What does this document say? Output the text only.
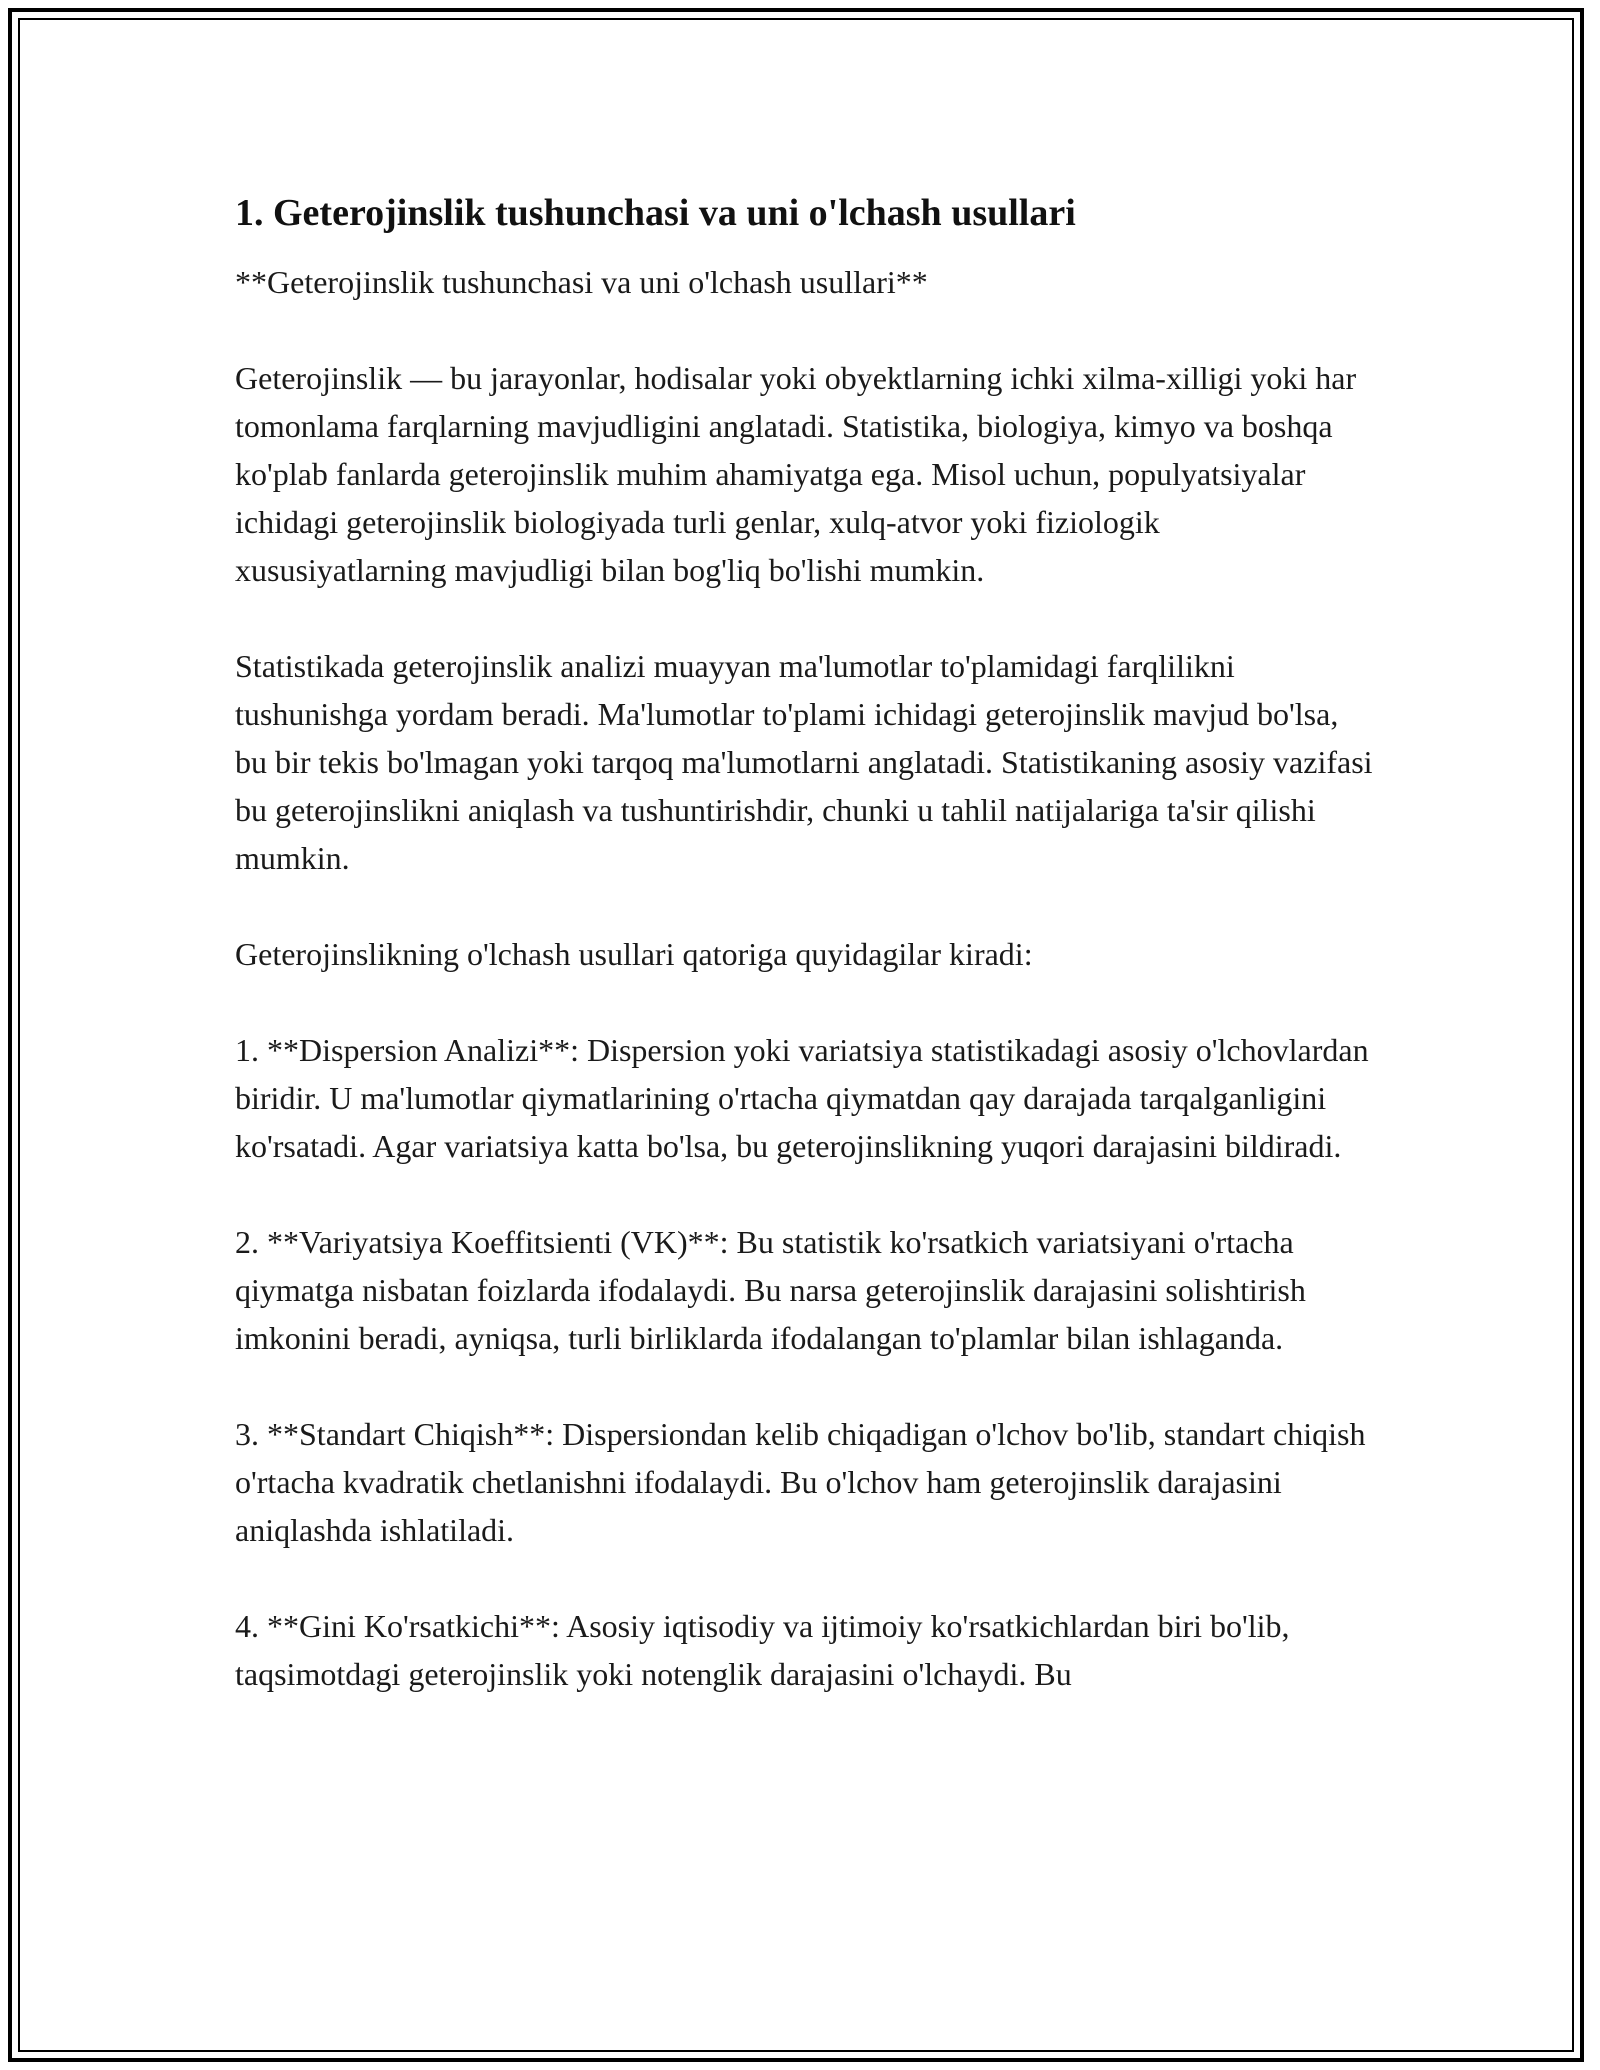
1. Geterojinslik tushunchasi va uni o'lchash usullari

**Geterojinslik tushunchasi va uni o'lchash usullari**

Geterojinslik — bu jarayonlar, hodisalar yoki obyektlarning ichki xilma-xilligi yoki har tomonlama farqlarning mavjudligini anglatadi. Statistika, biologiya, kimyo va boshqa ko'plab fanlarda geterojinslik muhim ahamiyatga ega. Misol uchun, populyatsiyalar ichidagi geterojinslik biologiyada turli genlar, xulq-atvor yoki fiziologik xususiyatlarning mavjudligi bilan bog'liq bo'lishi mumkin.

Statistikada geterojinslik analizi muayyan ma'lumotlar to'plamidagi farqlilikni tushunishga yordam beradi. Ma'lumotlar to'plami ichidagi geterojinslik mavjud bo'lsa, bu bir tekis bo'lmagan yoki tarqoq ma'lumotlarni anglatadi. Statistikaning asosiy vazifasi bu geterojinslikni aniqlash va tushuntirishdir, chunki u tahlil natijalariga ta'sir qilishi mumkin.

Geterojinslikning o'lchash usullari qatoriga quyidagilar kiradi:

1. **Dispersion Analizi**: Dispersion yoki variatsiya statistikadagi asosiy o'lchovlardan biridir. U ma'lumotlar qiymatlarining o'rtacha qiymatdan qay darajada tarqalganligini ko'rsatadi. Agar variatsiya katta bo'lsa, bu geterojinslikning yuqori darajasini bildiradi.

2. **Variyatsiya Koeffitsienti (VK)**: Bu statistik ko'rsatkich variatsiyani o'rtacha qiymatga nisbatan foizlarda ifodalaydi. Bu narsa geterojinslik darajasini solishtirish imkonini beradi, ayniqsa, turli birliklarda ifodalangan to'plamlar bilan ishlaganda.

3. **Standart Chiqish**: Dispersiondan kelib chiqadigan o'lchov bo'lib, standart chiqish o'rtacha kvadratik chetlanishni ifodalaydi. Bu o'lchov ham geterojinslik darajasini aniqlashda ishlatiladi.

4. **Gini Ko'rsatkichi**: Asosiy iqtisodiy va ijtimoiy ko'rsatkichlardan biri bo'lib, taqsimotdagi geterojinslik yoki notenglik darajasini o'lchaydi. Bu
